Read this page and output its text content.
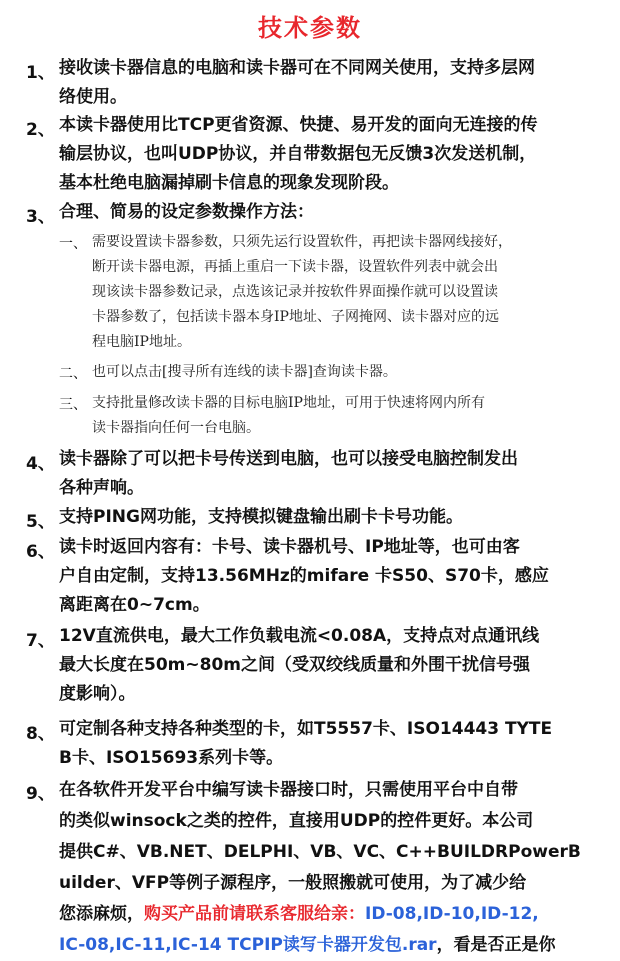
技术参数
1、 接收读卡器信息的电脑和读卡器可在不同网关使用，支持多层网
络使用。
2、 本读卡器使用比TCP更省资源、快捷、易开发的面向无连接的传
输层协议，也叫UDP协议，并自带数据包无反馈3次发送机制，
基本杜绝电脑漏掉刷卡信息的现象发现阶段。
3、 合理、简易的设定参数操作方法：
一、 需要设置读卡器参数，只须先运行设置软件，再把读卡器网线接好，
断开读卡器电源，再插上重启一下读卡器，设置软件列表中就会出
现该读卡器参数记录，点选该记录并按软件界面操作就可以设置读
卡器参数了，包括读卡器本身IP地址、子网掩网、读卡器对应的远
程电脑IP地址。
二、 也可以点击[搜寻所有连线的读卡器]查询读卡器。
三、 支持批量修改读卡器的目标电脑IP地址，可用于快速将网内所有
读卡器指向任何一台电脑。
4、 读卡器除了可以把卡号传送到电脑，也可以接受电脑控制发出
各种声响。
5、 支持PING网功能，支持模拟键盘输出刷卡卡号功能。
6、 读卡时返回内容有：卡号、读卡器机号、IP地址等，也可由客
户自由定制，支持13.56MHz的mifare 卡S50、S70卡，感应
离距离在0~7cm。
7、 12V直流供电，最大工作负载电流<0.08A，支持点对点通讯线
最大长度在50m~80m之间（受双绞线质量和外围干扰信号强
度影响）。
8、 可定制各种支持各种类型的卡，如T5557卡、ISO14443 TYTE
B卡、ISO15693系列卡等。
9、 在各软件开发平台中编写读卡器接口时，只需使用平台中自带
的类似winsock之类的控件，直接用UDP的控件更好。本公司
提供C#、VB.NET、DELPHI、VB、VC、C++BUILDRPowerB
uilder、VFP等例子源程序，一般照搬就可使用，为了减少给
您添麻烦，购买产品前请联系客服给亲：ID-08,ID-10,ID-12,
IC-08,IC-11,IC-14 TCPIP读写卡器开发包.rar，看是否正是你
